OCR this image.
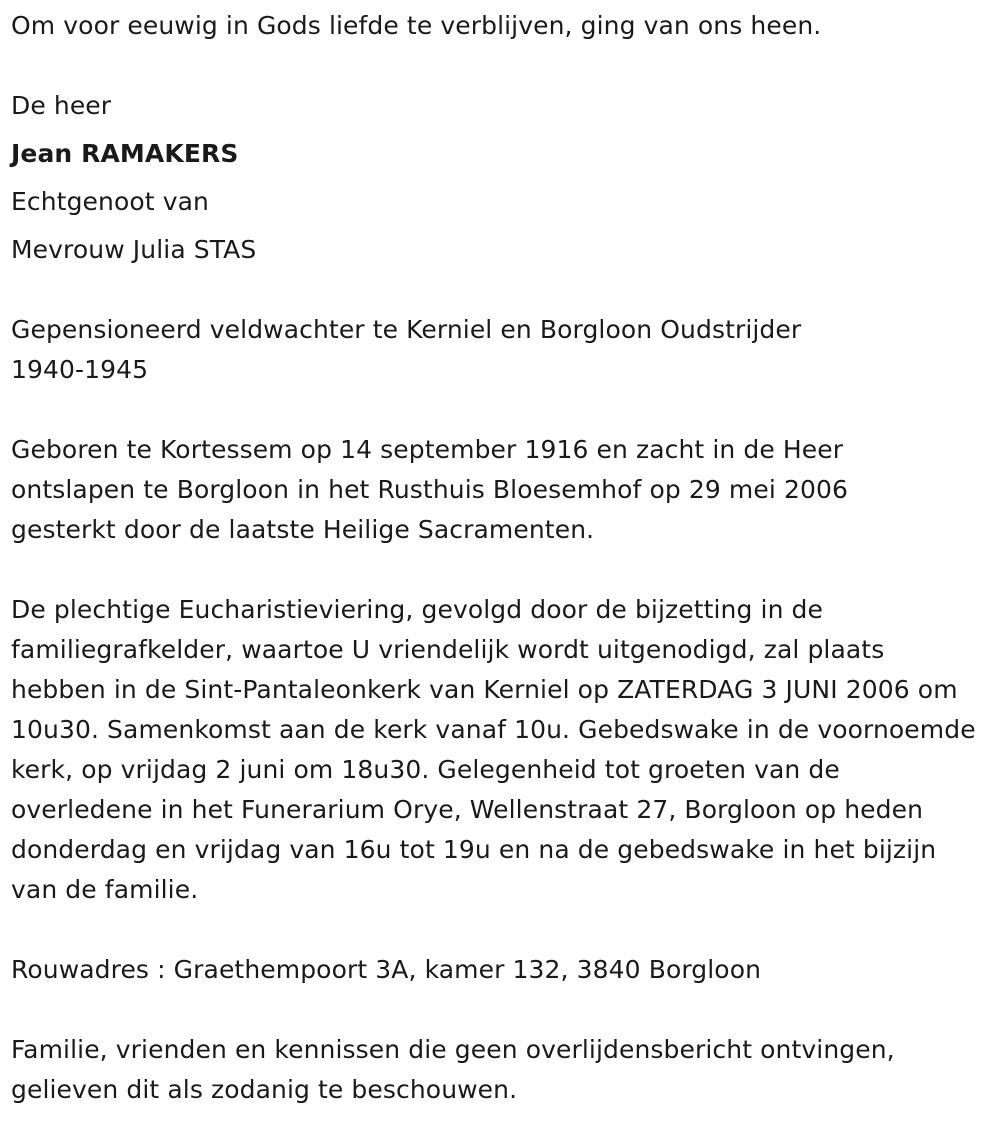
Om voor eeuwig in Gods liefde te verblijven, ging van ons heen.
De heer
Jean RAMAKERS
Echtgenoot van
Mevrouw Julia STAS
Gepensioneerd veldwachter te Kerniel en Borgloon Oudstrijder 1940-1945
Geboren te Kortessem op 14 september 1916 en zacht in de Heer ontslapen te Borgloon in het Rusthuis Bloesemhof op 29 mei 2006 gesterkt door de laatste Heilige Sacramenten.
De plechtige Eucharistieviering, gevolgd door de bijzetting in de familiegrafkelder, waartoe U vriendelijk wordt uitgenodigd, zal plaats hebben in de Sint-Pantaleonkerk van Kerniel op ZATERDAG 3 JUNI 2006 om 10u30. Samenkomst aan de kerk vanaf 10u. Gebedswake in de voornoemde kerk, op vrijdag 2 juni om 18u30. Gelegenheid tot groeten van de overledene in het Funerarium Orye, Wellenstraat 27, Borgloon op heden donderdag en vrijdag van 16u tot 19u en na de gebedswake in het bijzijn van de familie.
Rouwadres : Graethempoort 3A, kamer 132, 3840 Borgloon
Familie, vrienden en kennissen die geen overlijdensbericht ontvingen, gelieven dit als zodanig te beschouwen.
